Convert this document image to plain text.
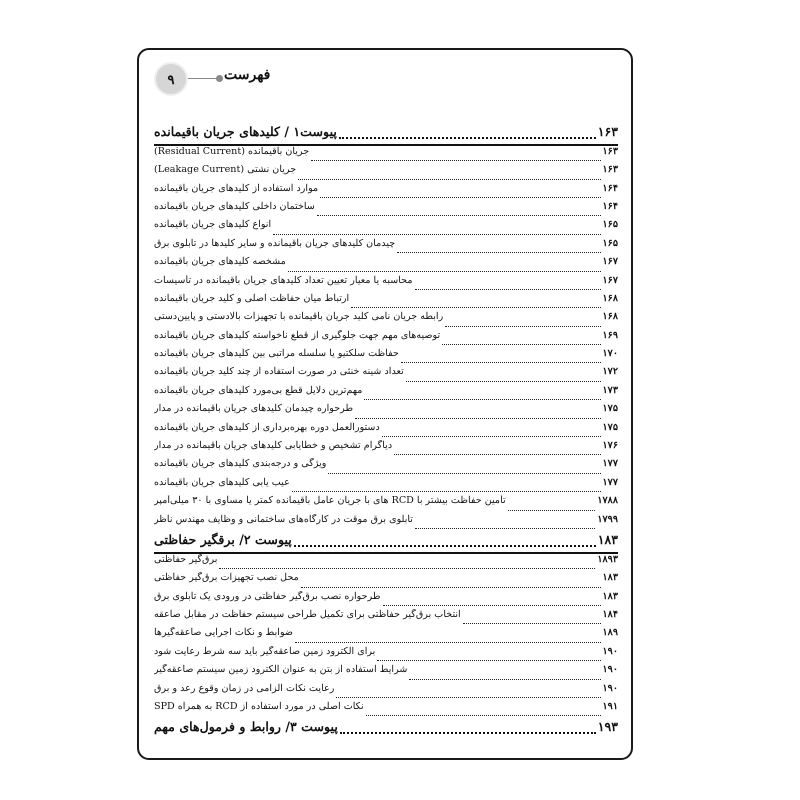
۹	فهرست
پیوست۱ / کلیدهای جریان باقیمانده	۱۶۳
جریان باقیمانده (Residual Current)	۱۶۳
جریان نشتی (Leakage Current)	۱۶۳
موارد استفاده از کلیدهای جریان باقیمانده	۱۶۴
ساختمان داخلی کلیدهای جریان باقیمانده	۱۶۴
انواع کلیدهای جریان باقیمانده	۱۶۵
چیدمان کلیدهای جریان باقیمانده و سایر کلیدها در تابلوی برق	۱۶۵
مشخصه کلیدهای جریان باقیمانده	۱۶۷
محاسبه یا معیار تعیین تعداد کلیدهای جریان باقیمانده در تأسیسات	۱۶۷
ارتباط میان حفاظت اصلی و کلید جریان باقیمانده	۱۶۸
رابطه جریان نامی کلید جریان باقیمانده با تجهیزات بالادستی و پایین‌دستی	۱۶۸
توصیه‌های مهم جهت جلوگیری از قطع ناخواسته کلیدهای جریان باقیمانده	۱۶۹
حفاظت سلکتیو یا سلسله مراتبی بین کلیدهای جریان باقیمانده	۱۷۰
تعداد شینه خنثی در صورت استفاده از چند کلید جریان باقیمانده	۱۷۲
مهم‌ترین دلایل قطع بی‌مورد کلیدهای جریان باقیمانده	۱۷۳
طرحواره چیدمان کلیدهای جریان باقیمانده در مدار	۱۷۵
دستورالعمل دوره بهره‌برداری از کلیدهای جریان باقیمانده	۱۷۵
دیاگرام تشخیص و خطایابی کلیدهای جریان باقیمانده در مدار	۱۷۶
ویژگی و درجه‌بندی کلیدهای جریان باقیمانده	۱۷۷
عیب یابی کلیدهای جریان باقیمانده	۱۷۷
تأمین حفاظت بیشتر با RCD های با جریان عامل باقیمانده کمتر یا مساوی با ۳۰ میلی‌آمپر	۱۷۸۸
تابلوی برق موقت در کارگاه‌های ساختمانی و وظایف مهندس ناظر	۱۷۹۹
پیوست ۲/ برقگیر حفاظتی	۱۸۳
برق‌گیر حفاظتی	۱۸۹۳
محل نصب تجهیزات برق‌گیر حفاظتی	۱۸۳
طرحواره نصب برق‌گیر حفاظتی در ورودی یک تابلوی برق	۱۸۳
انتخاب برق‌گیر حفاظتی برای تکمیل طراحی سیستم حفاظت در مقابل صاعقه	۱۸۴
ضوابط و نکات اجرایی صاعقه‌گیرها	۱۸۹
برای الکترود زمین صاعقه‌گیر باید سه شرط رعایت شود	۱۹۰
شرایط استفاده از بتن به عنوان الکترود زمین سیستم صاعقه‌گیر	۱۹۰
رعایت نکات الزامی در زمان وقوع رعد و برق	۱۹۰
نکات اصلی در مورد استفاده از RCD به همراه SPD	۱۹۱
پیوست ۳/ روابط و فرمول‌های مهم	۱۹۳
